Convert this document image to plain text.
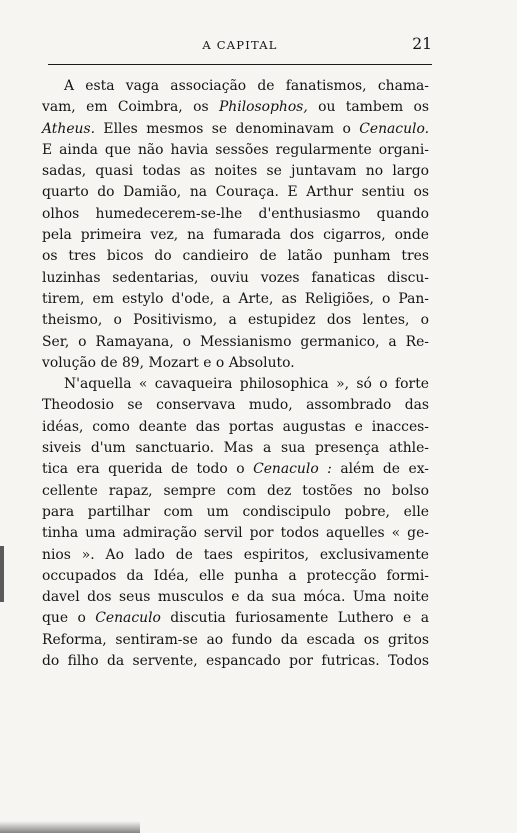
A CAPITAL	21
A esta vaga associação de fanatismos, chama-
vam, em Coimbra, os Philosophos, ou tambem os
Atheus. Elles mesmos se denominavam o Cenaculo.
E ainda que não havia sessões regularmente organi-
sadas, quasi todas as noites se juntavam no largo
quarto do Damião, na Couraça. E Arthur sentiu os
olhos humedecerem-se-lhe d'enthusiasmo quando
pela primeira vez, na fumarada dos cigarros, onde
os tres bicos do candieiro de latão punham tres
luzinhas sedentarias, ouviu vozes fanaticas discu-
tirem, em estylo d'ode, a Arte, as Religiões, o Pan-
theismo, o Positivismo, a estupidez dos lentes, o
Ser, o Ramayana, o Messianismo germanico, a Re-
volução de 89, Mozart e o Absoluto.
N'aquella « cavaqueira philosophica », só o forte
Theodosio se conservava mudo, assombrado das
idéas, como deante das portas augustas e inacces-
siveis d'um sanctuario. Mas a sua presença athle-
tica era querida de todo o Cenaculo : além de ex-
cellente rapaz, sempre com dez tostões no bolso
para partilhar com um condiscipulo pobre, elle
tinha uma admiração servil por todos aquelles « ge-
nios ». Ao lado de taes espiritos, exclusivamente
occupados da Idéa, elle punha a protecção formi-
davel dos seus musculos e da sua móca. Uma noite
que o Cenaculo discutia furiosamente Luthero e a
Reforma, sentiram-se ao fundo da escada os gritos
do filho da servente, espancado por futricas. Todos
